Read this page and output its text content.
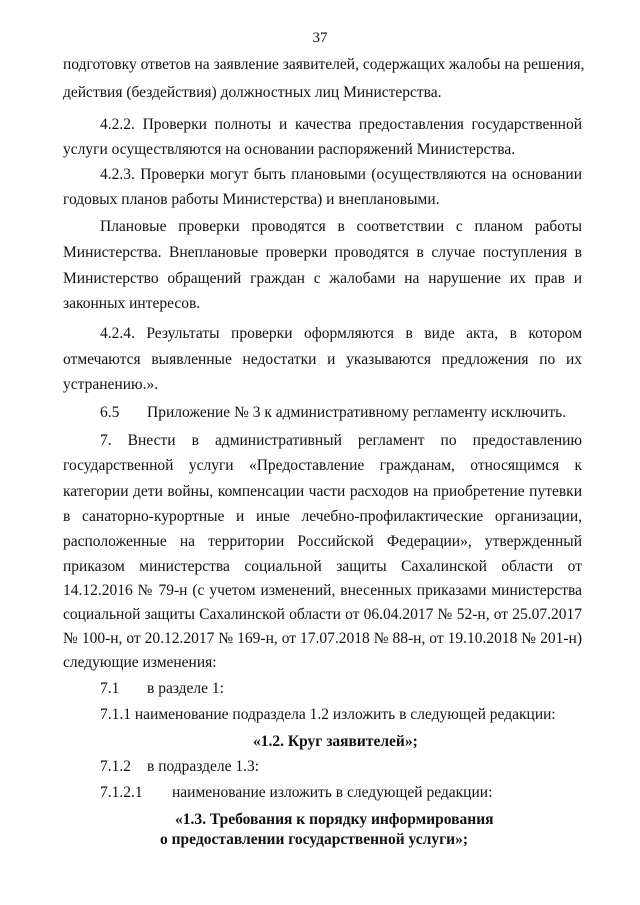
37
подготовку ответов на заявление заявителей, содержащих жалобы на решения,
действия (бездействия) должностных лиц Министерства.
4.2.2. Проверки полноты и качества предоставления государственной
услуги осуществляются на основании распоряжений Министерства.
4.2.3. Проверки могут быть плановыми (осуществляются на основании
годовых планов работы Министерства) и внеплановыми.
Плановые проверки проводятся в соответствии с планом работы
Министерства. Внеплановые проверки проводятся в случае поступления в
Министерство обращений граждан с жалобами на нарушение их прав и
законных интересов.
4.2.4. Результаты проверки оформляются в виде акта, в котором
отмечаются выявленные недостатки и указываются предложения по их
устранению.».
6.5 Приложение № 3 к административному регламенту исключить.
7. Внести в административный регламент по предоставлению
государственной услуги «Предоставление гражданам, относящимся к
категории дети войны, компенсации части расходов на приобретение путевки
в санаторно-курортные и иные лечебно-профилактические организации,
расположенные на территории Российской Федерации», утвержденный
приказом министерства социальной защиты Сахалинской области от
14.12.2016 № 79-н (с учетом изменений, внесенных приказами министерства
социальной защиты Сахалинской области от 06.04.2017 № 52-н, от 25.07.2017
№ 100-н, от 20.12.2017 № 169-н, от 17.07.2018 № 88-н, от 19.10.2018 № 201-н)
следующие изменения:
7.1 в разделе 1:
7.1.1 наименование подраздела 1.2 изложить в следующей редакции:
«1.2. Круг заявителей»;
7.1.2 в подразделе 1.3:
7.1.2.1 наименование изложить в следующей редакции:
«1.3. Требования к порядку информирования
о предоставлении государственной услуги»;
